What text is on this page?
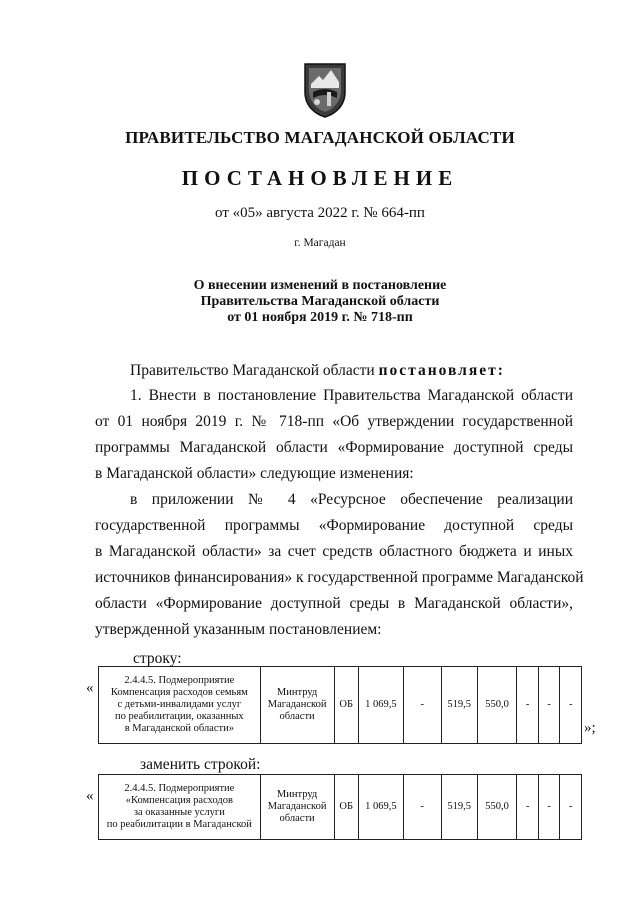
ПРАВИТЕЛЬСТВО МАГАДАНСКОЙ ОБЛАСТИ
ПОСТАНОВЛЕНИЕ
от «05» августа 2022 г. № 664-пп
г. Магадан
О внесении изменений в постановление
Правительства Магаданской области
от 01 ноября 2019 г. № 718-пп
Правительство Магаданской области постановляет:
1. Внести в постановление Правительства Магаданской области
от 01 ноября 2019 г. № 718-пп «Об утверждении государственной
программы Магаданской области «Формирование доступной среды
в Магаданской области» следующие изменения:
в приложении № 4 «Ресурсное обеспечение реализации
государственной программы «Формирование доступной среды
в Магаданской области» за счет средств областного бюджета и иных
источников финансирования» к государственной программе Магаданской
области «Формирование доступной среды в Магаданской области»,
утвержденной указанным постановлением:
строку:
«	2.4.4.5. Подмероприятие
Компенсация расходов семьям
с детьми-инвалидами услуг
по реабилитации, оказанных
в Магаданской области»

Минтруд
Магаданской
области
	ОБ	1 069,5	-	519,5	550,0	-	-	-
»;
заменить строкой:
«	2.4.4.5. Подмероприятие
«Компенсация расходов
за оказанные услуги
по реабилитации в Магаданской

Минтруд
Магаданской
области
	ОБ	1 069,5	-	519,5	550,0	-	-	-
